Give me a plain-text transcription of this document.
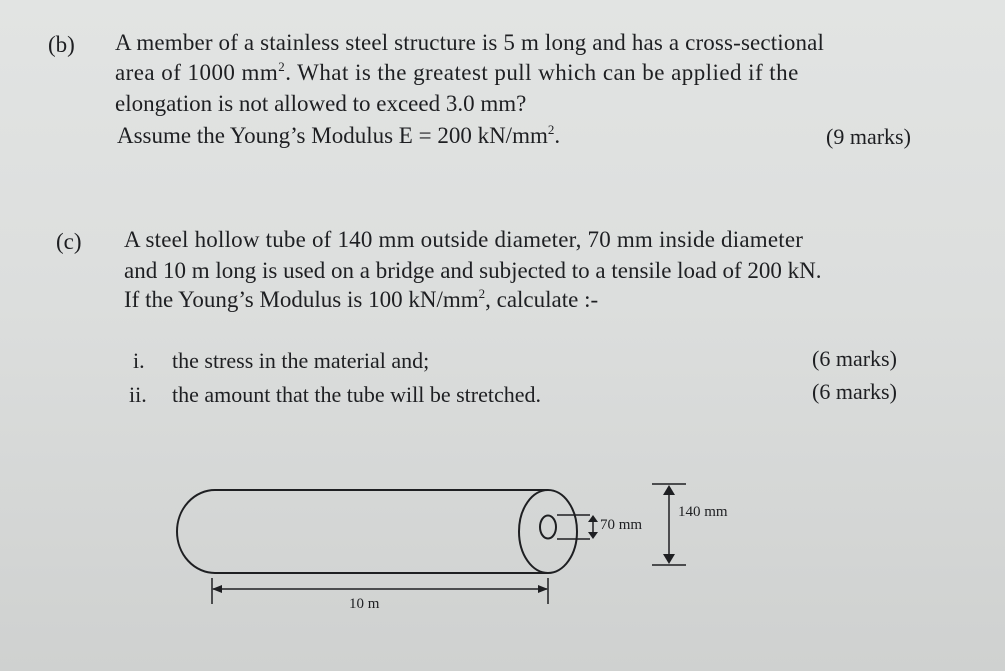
(b) A member of a stainless steel structure is 5 m long and has a cross-sectional
area of 1000 $mm^2$. What is the greatest pull which can be applied if the
elongation is not allowed to exceed 3.0 mm?
Assume the Young’s Modulus E = 200 $kN/mm^2$.	(9 marks)
(c) A steel hollow tube of 140 mm outside diameter, 70 mm inside diameter
and 10 m long is used on a bridge and subjected to a tensile load of 200 kN.
If the Young’s Modulus is 100 $kN/mm^2$, calculate :-
i. the stress in the material and;	(6 marks)
ii. the amount that the tube will be stretched.	(6 marks)
70 mm
140 mm
10 m
